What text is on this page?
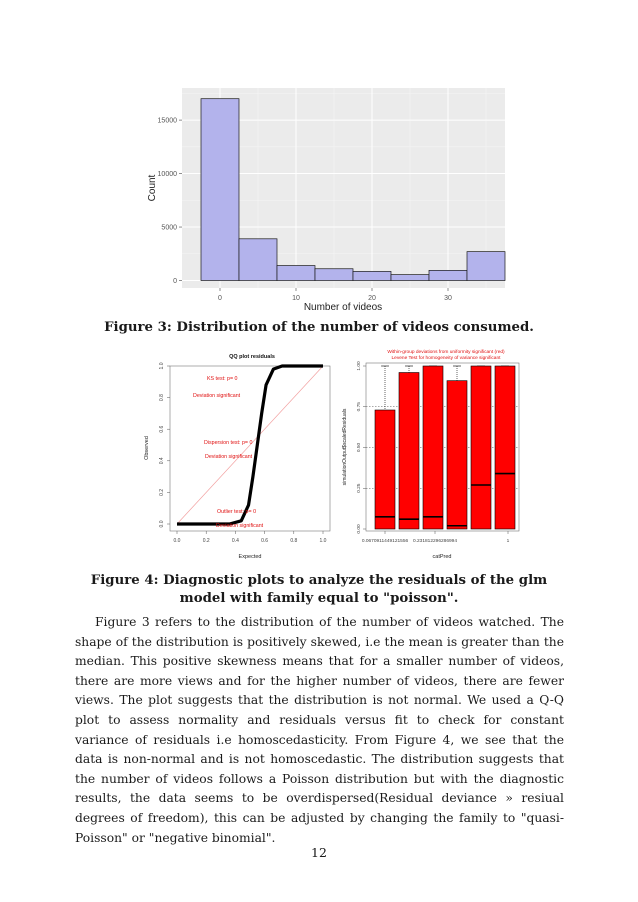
0
5000
10000
15000
0	10	20	30
Number of videos
Count
Figure 3: Distribution of the number of videos consumed.
QQ plot residuals
0.0	0.2	0.4	0.6	0.8	1.0
0.0
0.2
0.4
0.6
0.8
1.0
KS test: p= 0
Deviation significant
Dispersion test: p= 0
Deviation significant
Outlier test: p= 0
Deviation significant
Expected
Observed
Within-group deviations from uniformity significant (red)
Levene Test for homogeneity of variance significant
0.00
0.25
0.50
0.75
1.00
0.0670911449121556 0.231812296286994	1
catPred
simulationOutput$scaledResiduals
Figure 4: Diagnostic plots to analyze the residuals of the glm model with family equal to "poisson".

Figure 3 refers to the distribution of the number of videos watched. The shape of the distribution is positively skewed, i.e the mean is greater than the median. This positive skewness means that for a smaller number of videos, there are more views and for the higher number of videos, there are fewer views. The plot suggests that the distribution is not normal. We used a Q-Q plot to assess normality and residuals versus fit to check for constant variance of residuals i.e homoscedasticity. From Figure 4, we see that the data is non-normal and is not homoscedastic. The distribution suggests that the number of videos follows a Poisson distribution but with the diagnostic results, the data seems to be overdispersed(Residual deviance » resiual degrees of freedom), this can be adjusted by changing the family to "quasi-Poisson" or "negative binomial".

12
